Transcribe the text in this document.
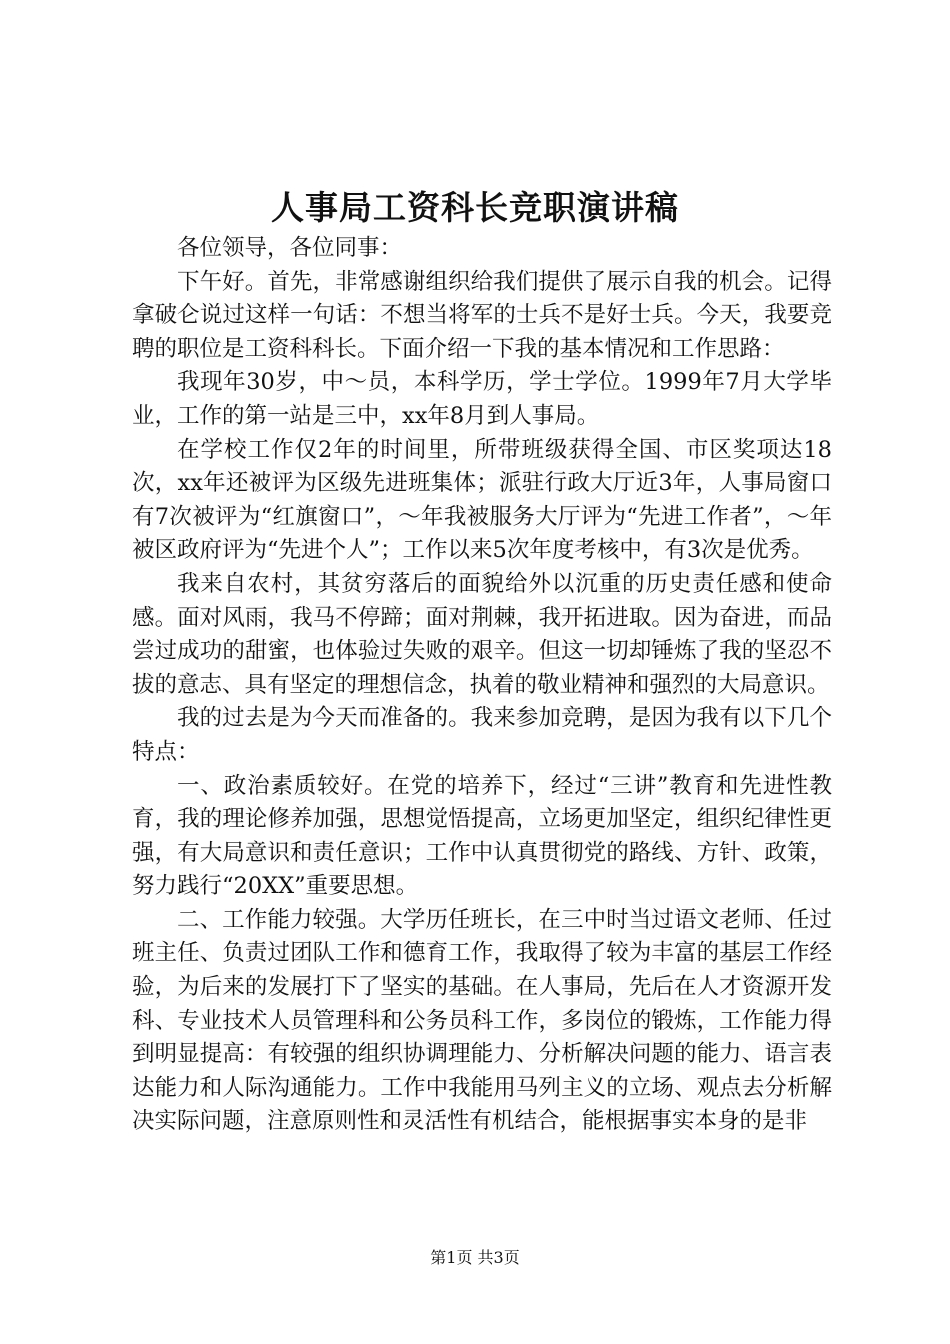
人事局工资科长竞职演讲稿

各位领导，各位同事：

下午好。首先，非常感谢组织给我们提供了展示自我的机会。记得拿破仑说过这样一句话：不想当将军的士兵不是好士兵。今天，我要竞聘的职位是工资科科长。下面介绍一下我的基本情况和工作思路：

我现年30岁，中～员，本科学历，学士学位。1999年7月大学毕业，工作的第一站是三中，xx年8月到人事局。

在学校工作仅2年的时间里，所带班级获得全国、市区奖项达18次，xx年还被评为区级先进班集体；派驻行政大厅近3年，人事局窗口有7次被评为“红旗窗口”，～年我被服务大厅评为“先进工作者”，～年被区政府评为“先进个人”；工作以来5次年度考核中，有3次是优秀。

我来自农村，其贫穷落后的面貌给外以沉重的历史责任感和使命感。面对风雨，我马不停蹄；面对荆棘，我开拓进取。因为奋进，而品尝过成功的甜蜜，也体验过失败的艰辛。但这一切却锤炼了我的坚忍不拔的意志、具有坚定的理想信念，执着的敬业精神和强烈的大局意识。

我的过去是为今天而准备的。我来参加竞聘，是因为我有以下几个特点：

一、政治素质较好。在党的培养下，经过“三讲”教育和先进性教育，我的理论修养加强，思想觉悟提高，立场更加坚定，组织纪律性更强，有大局意识和责任意识；工作中认真贯彻党的路线、方针、政策，努力践行“20XX”重要思想。

二、工作能力较强。大学历任班长，在三中时当过语文老师、任过班主任、负责过团队工作和德育工作，我取得了较为丰富的基层工作经验，为后来的发展打下了坚实的基础。在人事局，先后在人才资源开发科、专业技术人员管理科和公务员科工作，多岗位的锻炼，工作能力得到明显提高：有较强的组织协调理能力、分析解决问题的能力、语言表达能力和人际沟通能力。工作中我能用马列主义的立场、观点去分析解决实际问题，注意原则性和灵活性有机结合，能根据事实本身的是非

第1页 共3页
